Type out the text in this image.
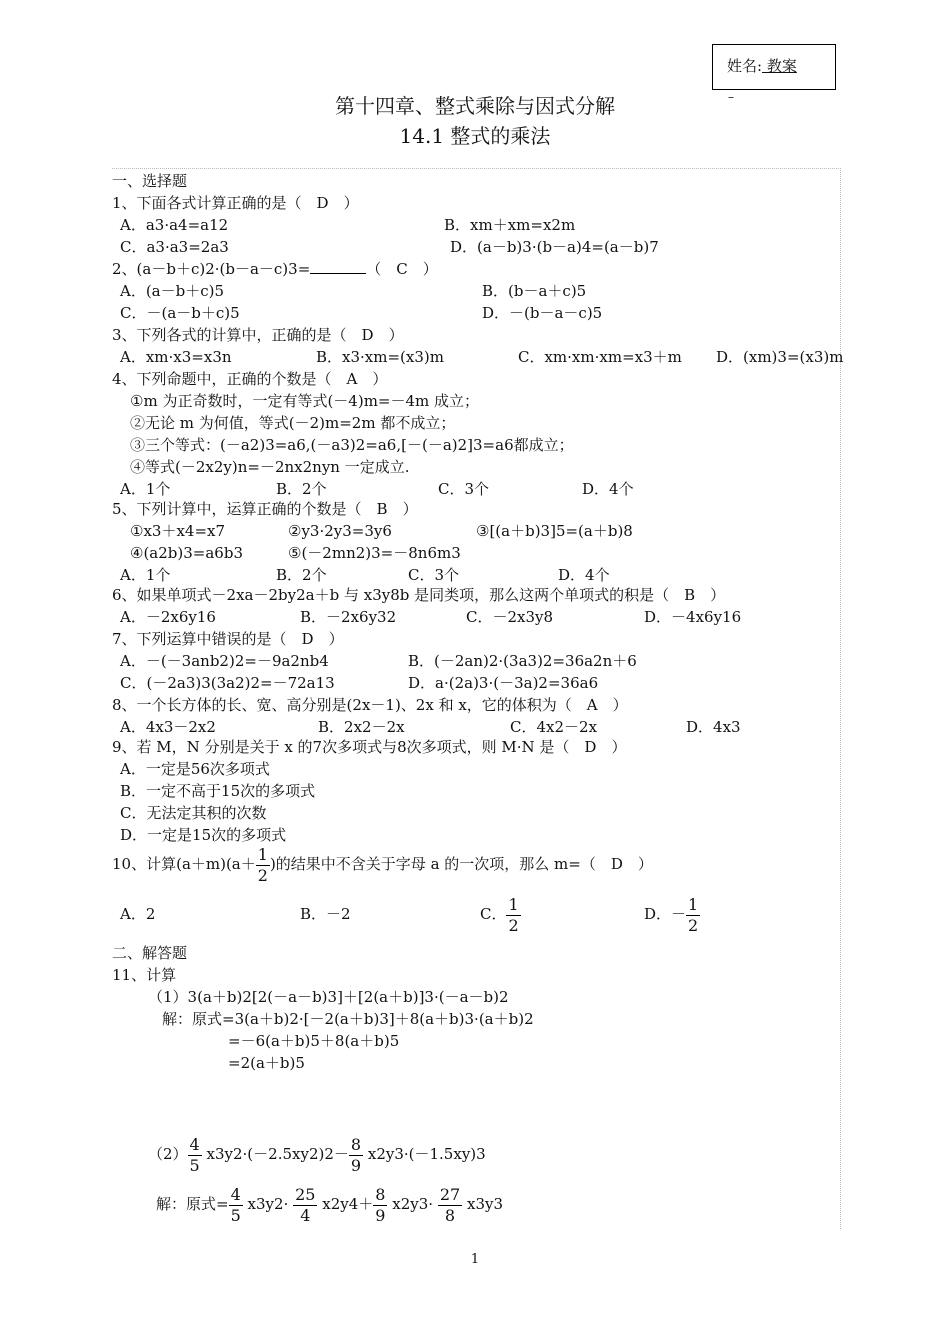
姓名: 教案
–
第十四章、整式乘除与因式分解
14.1 整式的乘法
一、选择题
1、下面各式计算正确的是（　D　）
A．a3·a4=a12	B．xm＋xm=x2m
C．a3·a3=2a3	D．(a－b)3·(b－a)4=(a－b)7
2、(a－b＋c)2·(b－a－c)3=	（　C　）
A．(a－b＋c)5	B．(b－a＋c)5
C．－(a－b＋c)5	D．－(b－a－c)5
3、下列各式的计算中，正确的是（　D　）
A．xm·x3=x3n	B．x3·xm=(x3)m	C．xm·xm·xm=x3＋m D．(xm)3=(x3)m
4、下列命题中，正确的个数是（　A　）
①m 为正奇数时，一定有等式(－4)m=－4m 成立；
②无论 m 为何值，等式(－2)m=2m 都不成立；
③三个等式：(－a2)3=a6,(－a3)2=a6,[－(－a)2]3=a6都成立；
④等式(－2x2y)n=－2nx2nyn 一定成立.
A．1个	B．2个	C．3个	D．4个
5、下列计算中，运算正确的个数是（　B　）
①x3＋x4=x7	②y3·2y3=3y6	③[(a＋b)3]5=(a＋b)8
④(a2b)3=a6b3	⑤(－2mn2)3=－8n6m3
A．1个	B．2个	C．3个	D．4个
6、如果单项式－2xa－2by2a＋b 与 x3y8b 是同类项，那么这两个单项式的积是（　B　）
A．－2x6y16	B．－2x6y32	C．－2x3y8	D．－4x6y16
7、下列运算中错误的是（　D　）
A．－(－3anb2)2=－9a2nb4	B．(－2an)2·(3a3)2=36a2n＋6
C．(－2a3)3(3a2)2=－72a13	D．a·(2a)3·(－3a)2=36a6
8、一个长方体的长、宽、高分别是(2x－1)、2x 和 x，它的体积为（　A　）
A．4x3－2x2	B．2x2－2x	C．4x2－2x	D．4x3
9、若 M，N 分别是关于 x 的7次多项式与8次多项式，则 M·N 是（　D　）
A．一定是56次多项式
B．一定不高于15次的多项式
C．无法定其积的次数
D．一定是15次的多项式
10、计算$(a+m)(a+ \frac{1}{2}$ )的结果中不含关于字母 a 的一次项，那么 m=（　D　）
A．2	B．－2	C． $\frac{1}{2}$	D．－ $\frac{1}{2}$
二、解答题
11、计算
（1）3(a＋b)2[2(－a－b)3]＋[2(a＋b)]3·(－a－b)2
解：原式=3(a＋b)2·[－2(a＋b)3]＋8(a＋b)3·(a＋b)2
=－6(a＋b)5＋8(a＋b)5
=2(a＋b)5
$(2) \frac{4}{5} x3y2\cdot(-2.5xy2)2- \frac{8}{9} x2y3\cdot(-1.5xy)3$
解：原式= $\frac{4}{5} x3y2\cdot \frac{25}{4} x2y4+ \frac{8}{9} x2y3\cdot \frac{27}{8} x3y3$
1
